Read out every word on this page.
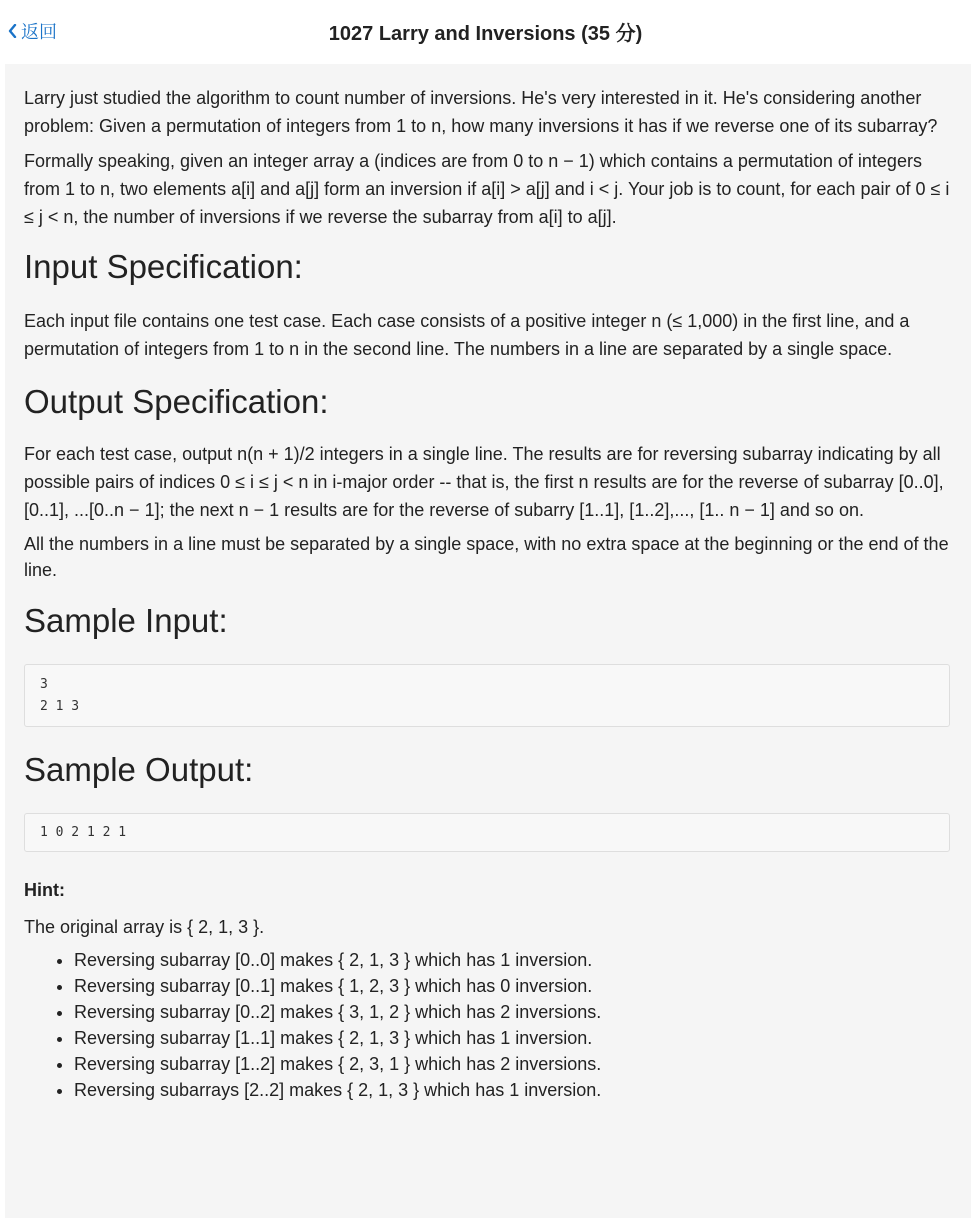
返回	1027 Larry and Inversions (35 分)

Larry just studied the algorithm to count number of inversions. He's very interested in it. He's considering another problem: Given a permutation of integers from 1 to n, how many inversions it has if we reverse one of its subarray?

Formally speaking, given an integer array a (indices are from 0 to n − 1) which contains a permutation of integers from 1 to n, two elements a[i] and a[j] form an inversion if a[i] > a[j] and i < j. Your job is to count, for each pair of 0 ≤ i ≤ j < n, the number of inversions if we reverse the subarray from a[i] to a[j].

Input Specification:

Each input file contains one test case. Each case consists of a positive integer n (≤ 1,000) in the first line, and a permutation of integers from 1 to n in the second line. The numbers in a line are separated by a single space.

Output Specification:

For each test case, output n(n + 1)/2 integers in a single line. The results are for reversing subarray indicating by all possible pairs of indices 0 ≤ i ≤ j < n in i-major order -- that is, the first n results are for the reverse of subarray [0..0], [0..1], ...[0..n − 1]; the next n − 1 results are for the reverse of subarry [1..1], [1..2],..., [1.. n − 1] and so on.

All the numbers in a line must be separated by a single space, with no extra space at the beginning or the end of the line.

Sample Input:
3
2 1 3
Sample Output:
1 0 2 1 2 1
Hint:

The original array is { 2, 1, 3 }.

• Reversing subarray [0..0] makes { 2, 1, 3 } which has 1 inversion.
• Reversing subarray [0..1] makes { 1, 2, 3 } which has 0 inversion.
• Reversing subarray [0..2] makes { 3, 1, 2 } which has 2 inversions.
• Reversing subarray [1..1] makes { 2, 1, 3 } which has 1 inversion.
• Reversing subarray [1..2] makes { 2, 3, 1 } which has 2 inversions.
• Reversing subarrays [2..2] makes { 2, 1, 3 } which has 1 inversion.
